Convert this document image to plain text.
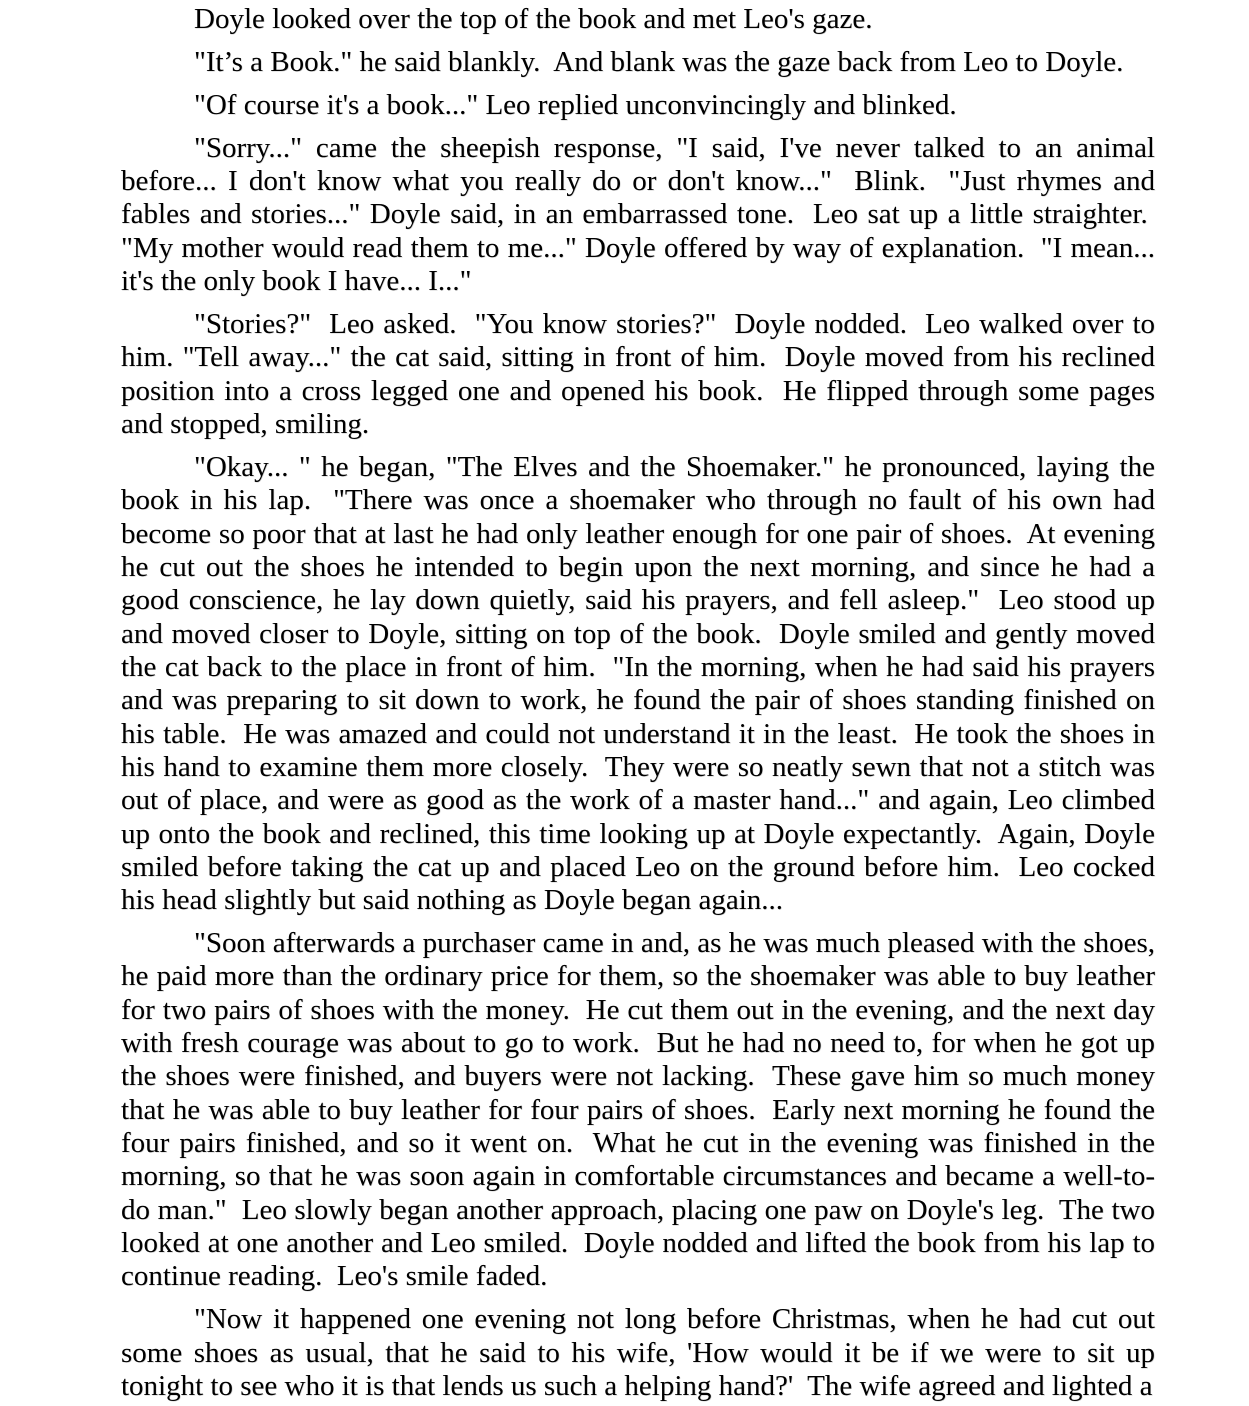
Doyle looked over the top of the book and met Leo's gaze.

"It’s a Book." he said blankly.  And blank was the gaze back from Leo to Doyle.

"Of course it's a book..." Leo replied unconvincingly and blinked.

"Sorry..." came the sheepish response, "I said, I've never talked to an animal before... I don't know what you really do or don't know..."  Blink.  "Just rhymes and fables and stories..." Doyle said, in an embarrassed tone.  Leo sat up a little straighter.  "My mother would read them to me..." Doyle offered by way of explanation.  "I mean... it's the only book I have... I..."

"Stories?"  Leo asked.  "You know stories?"  Doyle nodded.  Leo walked over to him. "Tell away..." the cat said, sitting in front of him.  Doyle moved from his reclined position into a cross legged one and opened his book.  He flipped through some pages and stopped, smiling.

"Okay... " he began, "The Elves and the Shoemaker." he pronounced, laying the book in his lap.  "There was once a shoemaker who through no fault of his own had become so poor that at last he had only leather enough for one pair of shoes.  At evening he cut out the shoes he intended to begin upon the next morning, and since he had a good conscience, he lay down quietly, said his prayers, and fell asleep."  Leo stood up and moved closer to Doyle, sitting on top of the book.  Doyle smiled and gently moved the cat back to the place in front of him.  "In the morning, when he had said his prayers and was preparing to sit down to work, he found the pair of shoes standing finished on his table.  He was amazed and could not understand it in the least.  He took the shoes in his hand to examine them more closely.  They were so neatly sewn that not a stitch was out of place, and were as good as the work of a master hand..." and again, Leo climbed up onto the book and reclined, this time looking up at Doyle expectantly.  Again, Doyle smiled before taking the cat up and placed Leo on the ground before him.  Leo cocked his head slightly but said nothing as Doyle began again...

"Soon afterwards a purchaser came in and, as he was much pleased with the shoes, he paid more than the ordinary price for them, so the shoemaker was able to buy leather for two pairs of shoes with the money.  He cut them out in the evening, and the next day with fresh courage was about to go to work.  But he had no need to, for when he got up the shoes were finished, and buyers were not lacking.  These gave him so much money that he was able to buy leather for four pairs of shoes.  Early next morning he found the four pairs finished, and so it went on.  What he cut in the evening was finished in the morning, so that he was soon again in comfortable circumstances and became a well-to-do man."  Leo slowly began another approach, placing one paw on Doyle's leg.  The two looked at one another and Leo smiled.  Doyle nodded and lifted the book from his lap to continue reading.  Leo's smile faded.

"Now it happened one evening not long before Christmas, when he had cut out some shoes as usual, that he said to his wife, 'How would it be if we were to sit up tonight to see who it is that lends us such a helping hand?'  The wife agreed and lighted a
